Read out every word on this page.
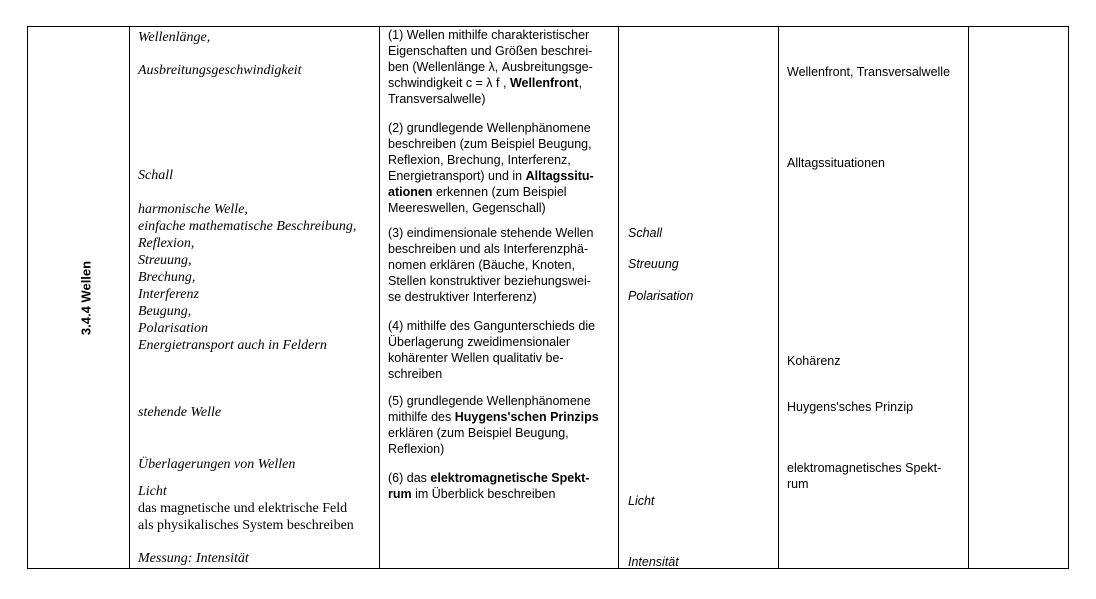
3.4.4 Wellen
Wellenlänge,
Ausbreitungsgeschwindigkeit
Schall
harmonische Welle,
einfache mathematische Beschreibung,
Reflexion,
Streuung,
Brechung,
Interferenz
Beugung,
Polarisation
Energietransport auch in Feldern
stehende Welle
Überlagerungen von Wellen
Licht
das magnetische und elektrische Feld
als physikalisches System beschreiben
Messung: Intensität
(1) Wellen mithilfe charakteristischer
Eigenschaften und Größen beschrei-
ben (Wellenlänge λ, Ausbreitungsge-
schwindigkeit c = λ f , Wellenfront,
Transversalwelle)
(2) grundlegende Wellenphänomene
beschreiben (zum Beispiel Beugung,
Reflexion, Brechung, Interferenz,
Energietransport) und in Alltagssitu-
ationen erkennen (zum Beispiel
Meereswellen, Gegenschall)
(3) eindimensionale stehende Wellen
beschreiben und als Interferenzphä-
nomen erklären (Bäuche, Knoten,
Stellen konstruktiver beziehungswei-
se destruktiver Interferenz)
(4) mithilfe des Gangunterschieds die
Überlagerung zweidimensionaler
kohärenter Wellen qualitativ be-
schreiben
(5) grundlegende Wellenphänomene
mithilfe des Huygens'schen Prinzips
erklären (zum Beispiel Beugung,
Reflexion)
(6) das elektromagnetische Spekt-
rum im Überblick beschreiben
Schall
Streuung
Polarisation
Licht
Intensität
Wellenfront, Transversalwelle
Alltagssituationen
Kohärenz
Huygens'sches Prinzip
elektromagnetisches Spekt-
rum
